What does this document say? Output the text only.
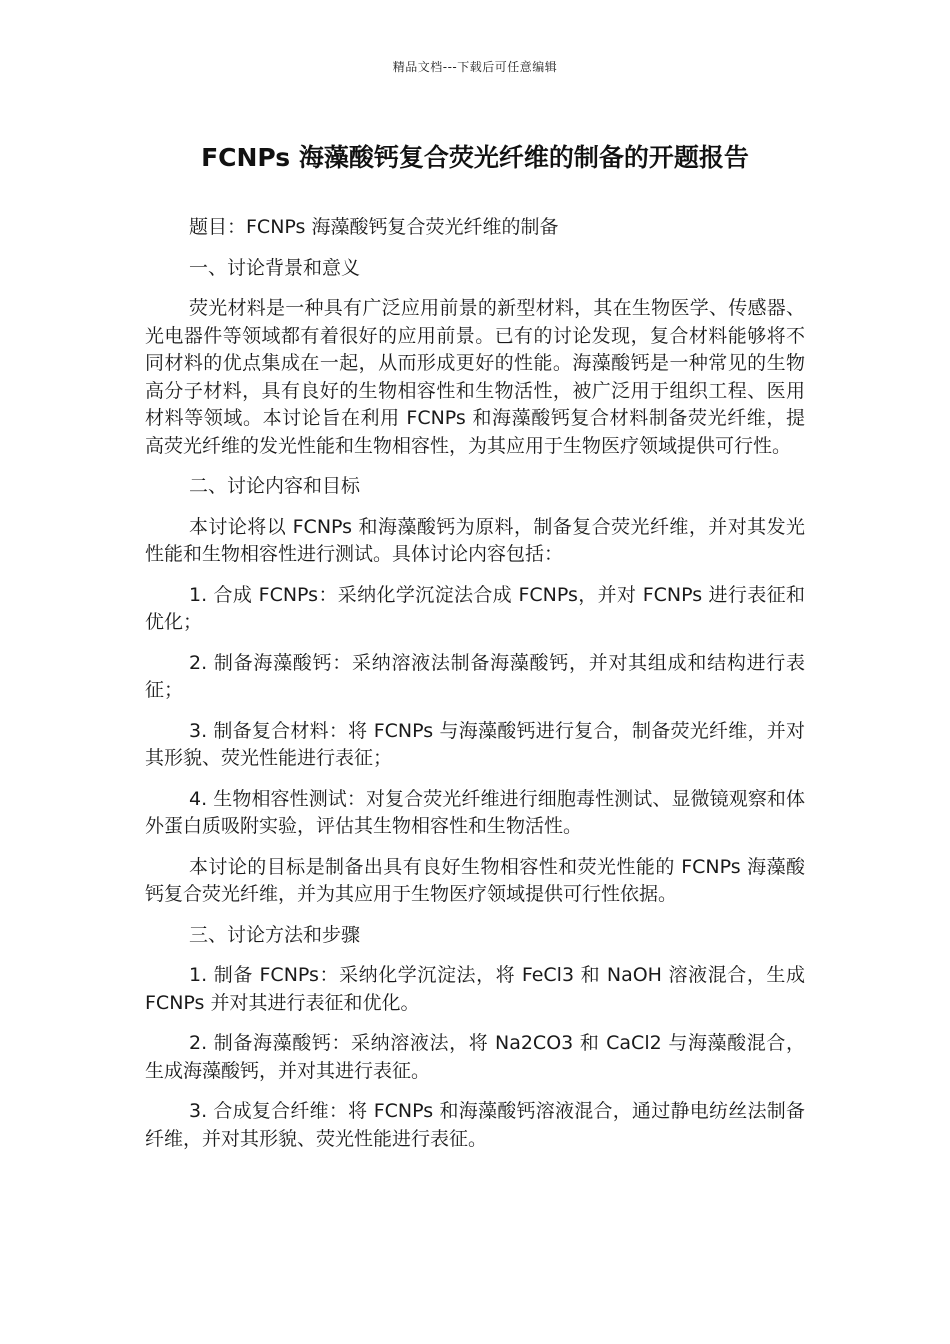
精品文档---下载后可任意编辑
FCNPs 海藻酸钙复合荧光纤维的制备的开题报告

题目：FCNPs 海藻酸钙复合荧光纤维的制备

一、讨论背景和意义

荧光材料是一种具有广泛应用前景的新型材料，其在生物医学、传感器、光电器件等领域都有着很好的应用前景。已有的讨论发现，复合材料能够将不同材料的优点集成在一起，从而形成更好的性能。海藻酸钙是一种常见的生物高分子材料，具有良好的生物相容性和生物活性，被广泛用于组织工程、医用材料等领域。本讨论旨在利用 FCNPs 和海藻酸钙复合材料制备荧光纤维，提高荧光纤维的发光性能和生物相容性，为其应用于生物医疗领域提供可行性。

二、讨论内容和目标

本讨论将以 FCNPs 和海藻酸钙为原料，制备复合荧光纤维，并对其发光性能和生物相容性进行测试。具体讨论内容包括：

1. 合成 FCNPs：采纳化学沉淀法合成 FCNPs，并对 FCNPs 进行表征和优化；

2. 制备海藻酸钙：采纳溶液法制备海藻酸钙，并对其组成和结构进行表征；

3. 制备复合材料：将 FCNPs 与海藻酸钙进行复合，制备荧光纤维，并对其形貌、荧光性能进行表征；

4. 生物相容性测试：对复合荧光纤维进行细胞毒性测试、显微镜观察和体外蛋白质吸附实验，评估其生物相容性和生物活性。

本讨论的目标是制备出具有良好生物相容性和荧光性能的 FCNPs 海藻酸钙复合荧光纤维，并为其应用于生物医疗领域提供可行性依据。

三、讨论方法和步骤

1. 制备 FCNPs：采纳化学沉淀法，将 FeCl3 和 NaOH 溶液混合，生成 FCNPs 并对其进行表征和优化。

2. 制备海藻酸钙：采纳溶液法，将 Na2CO3 和 CaCl2 与海藻酸混合，生成海藻酸钙，并对其进行表征。

3. 合成复合纤维：将 FCNPs 和海藻酸钙溶液混合，通过静电纺丝法制备纤维，并对其形貌、荧光性能进行表征。
